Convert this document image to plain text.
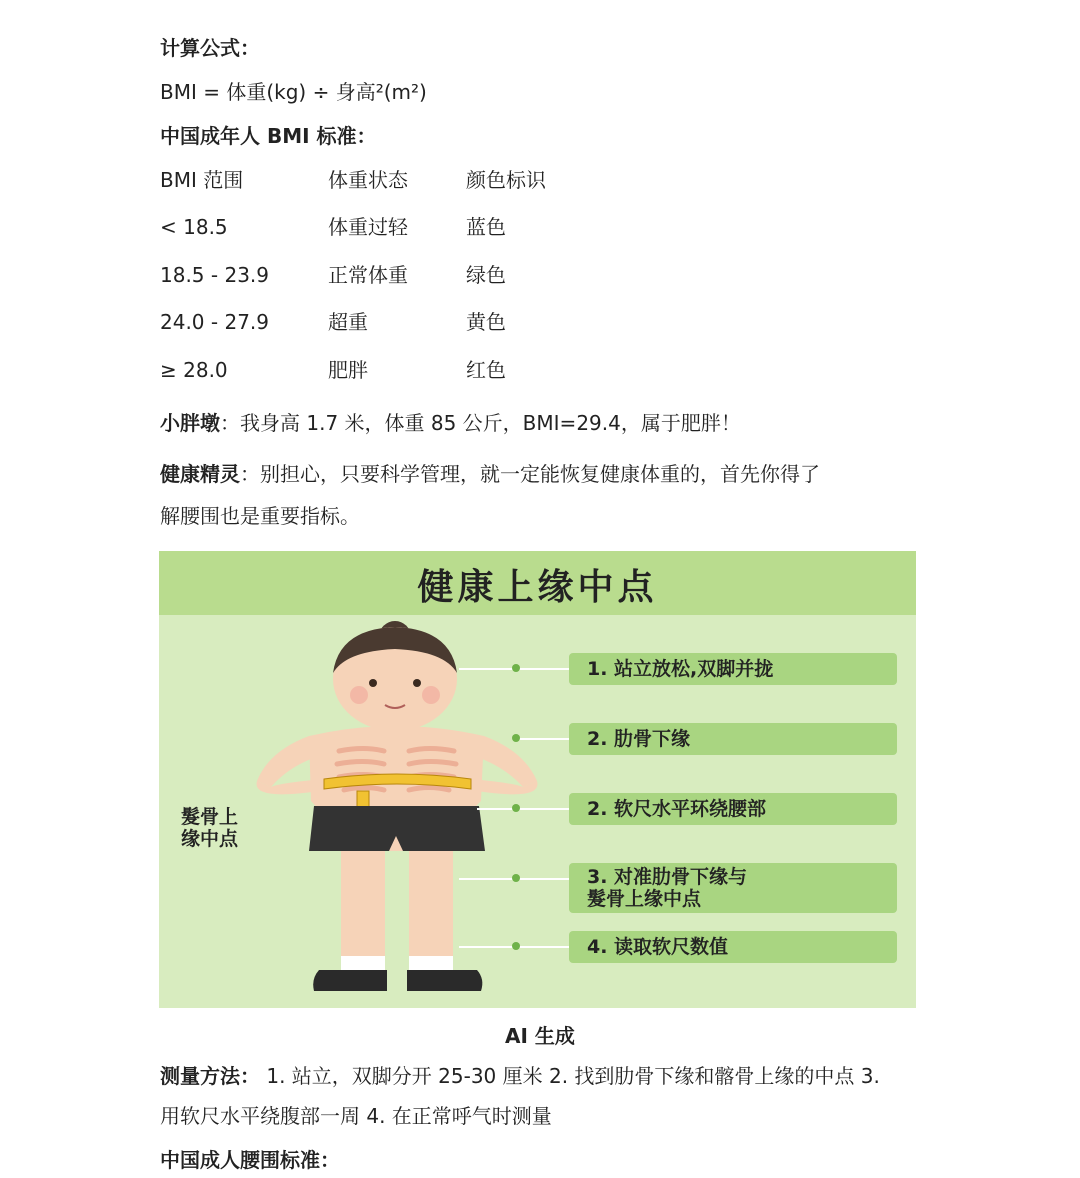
计算公式：
BMI = 体重(kg) ÷ 身高²(m²)
中国成年人 BMI 标准：
BMI 范围	体重状态	颜色标识
< 18.5	体重过轻	蓝色
18.5 - 23.9	正常体重	绿色
24.0 - 27.9	超重	黄色
≥ 28.0	肥胖	红色
小胖墩：我身高 1.7 米，体重 85 公斤，BMI=29.4，属于肥胖！
健康精灵：别担心，只要科学管理，就一定能恢复健康体重的，首先你得了
解腰围也是重要指标。
健康上缘中点
1. 站立放松,双脚并拢
2. 肋骨下缘
2. 软尺水平环绕腰部
3. 对准肋骨下缘与
髮骨上缘中点
4. 读取软尺数值
髮骨上
缘中点
AI 生成
测量方法： 1. 站立，双脚分开 25-30 厘米 2. 找到肋骨下缘和髂骨上缘的中点 3.
用软尺水平绕腹部一周 4. 在正常呼气时测量
中国成人腰围标准：
